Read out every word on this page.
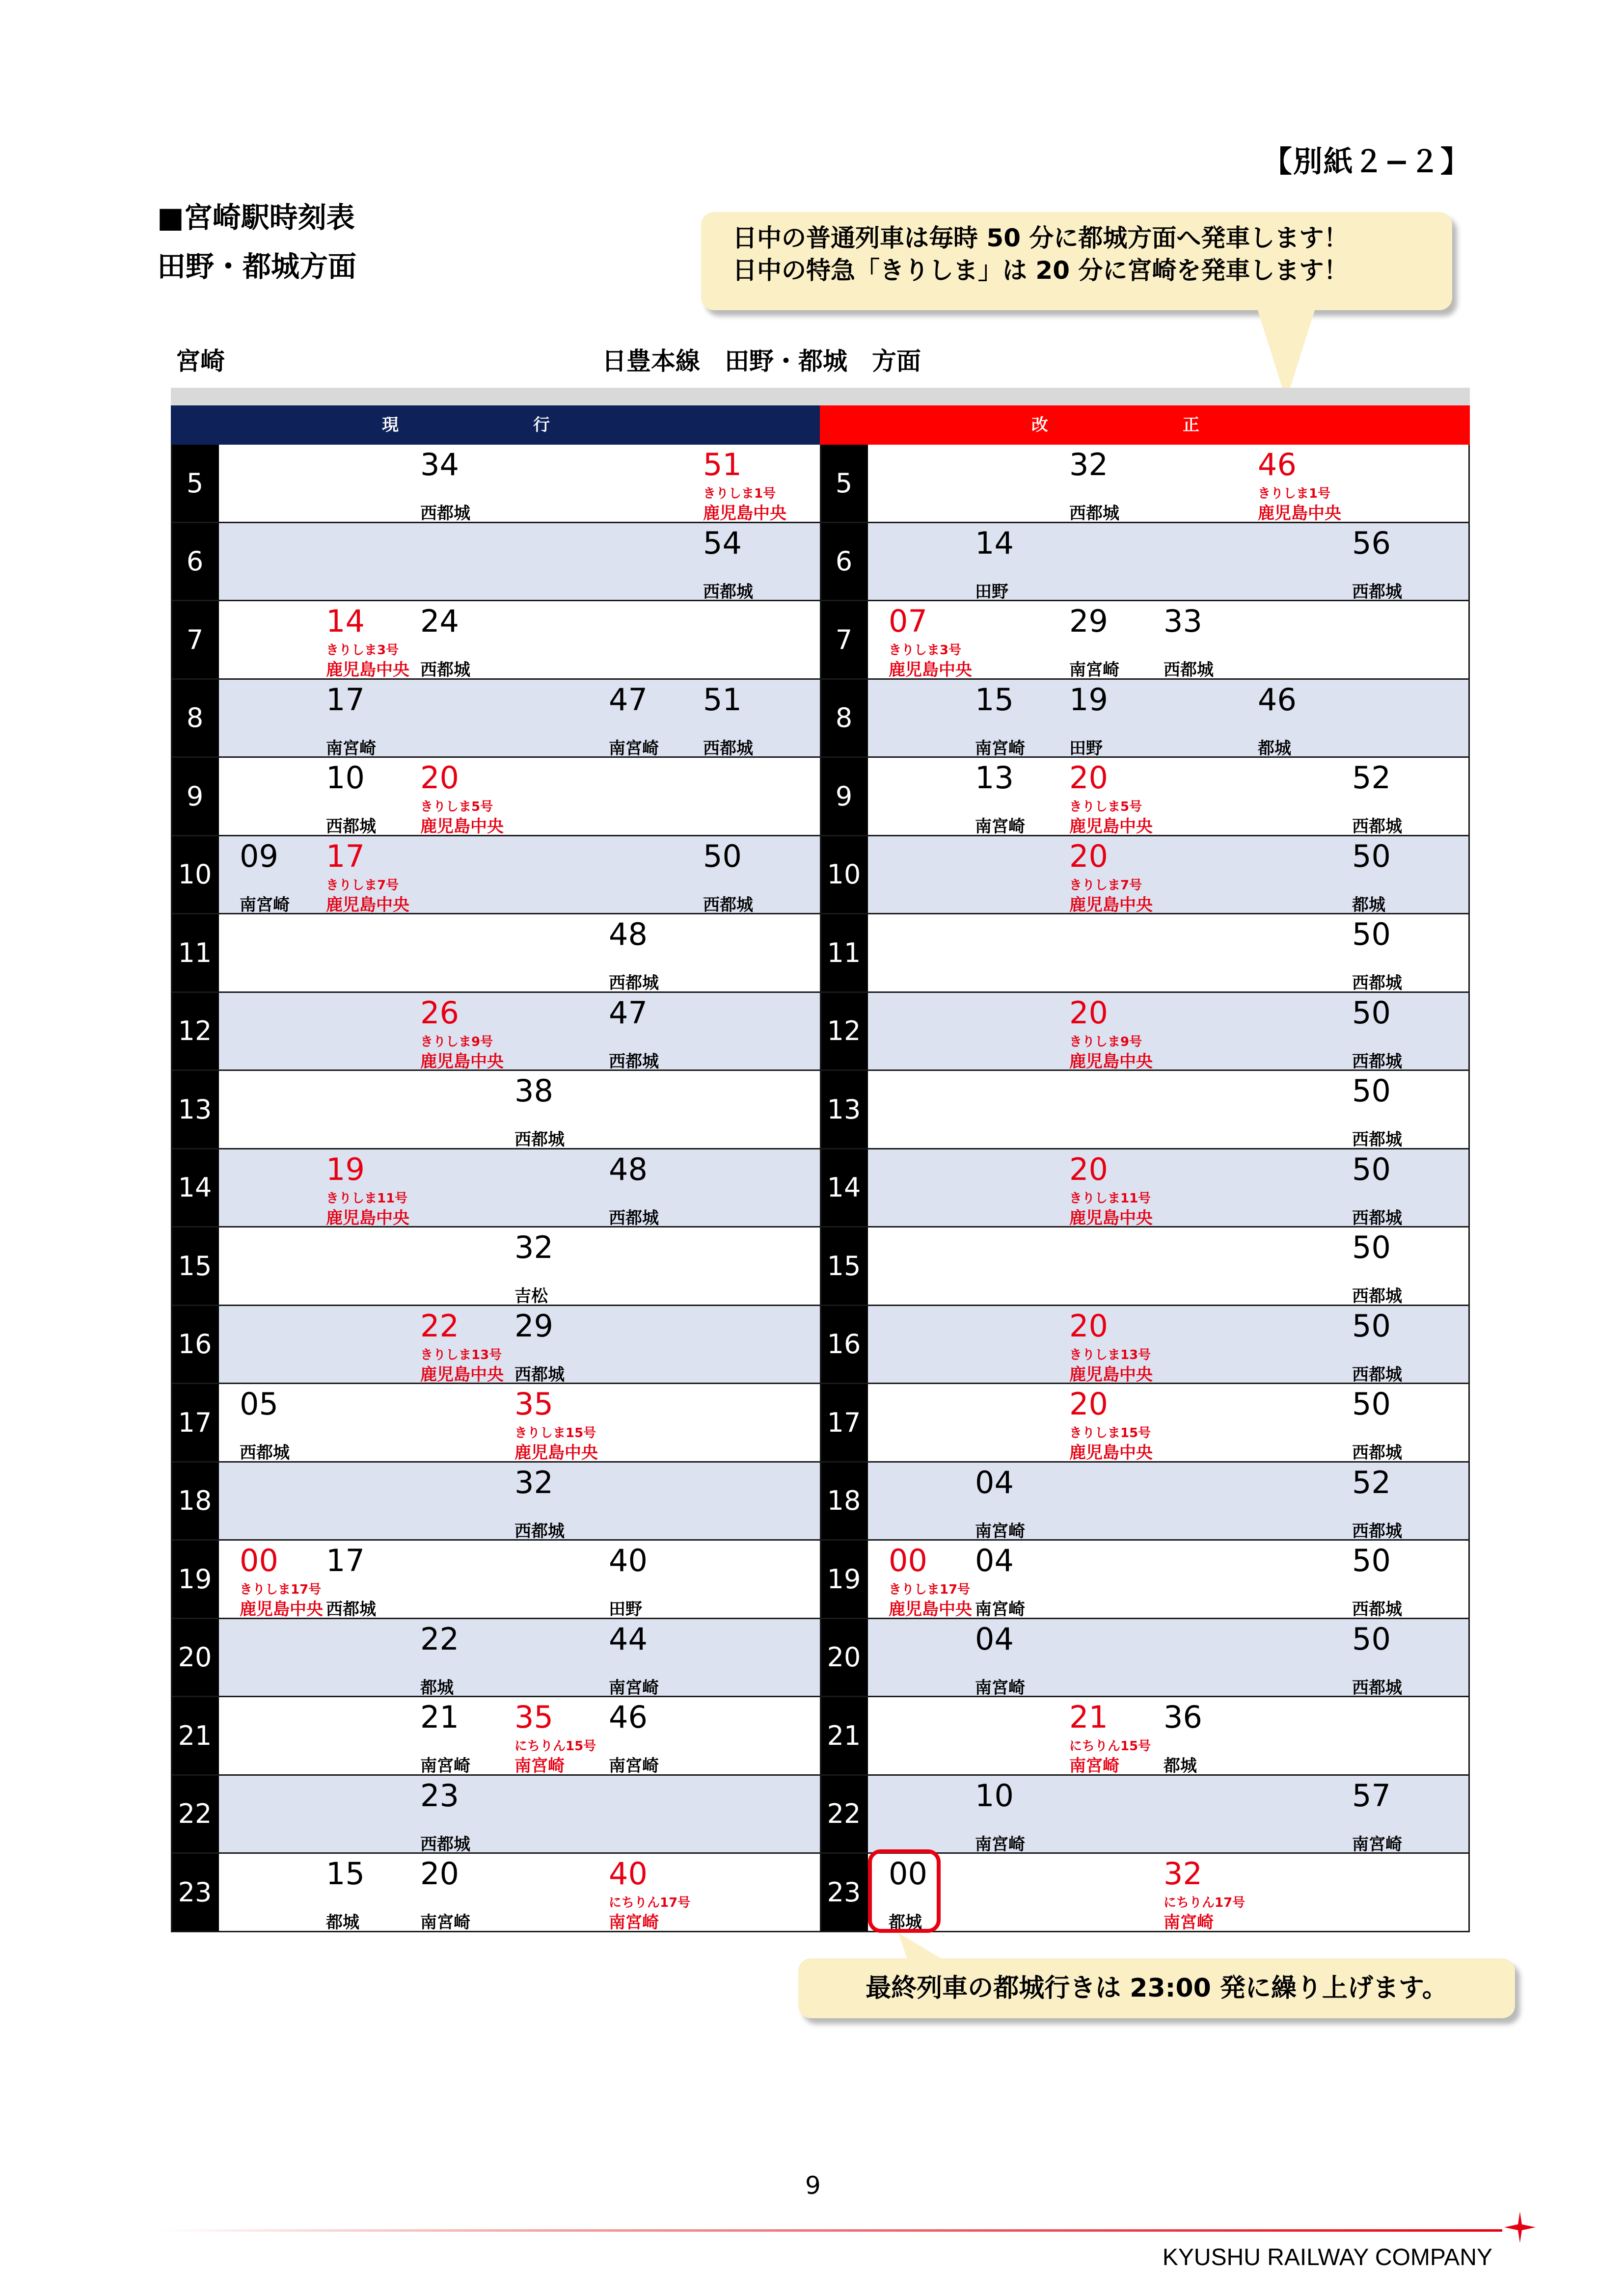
【別紙２−２】
■宮崎駅時刻表
田野・都城方面
日中の普通列車は毎時 50 分に都城方面へ発車します！
日中の特急「きりしま」は 20 分に宮崎を発車します！
宮崎	日豊本線　田野・都城　方面
現　行	改　正
5
34
西都城
51
きりしま1号
鹿児島中央
6
54
西都城
7
14
きりしま3号
鹿児島中央
24
西都城
8
17
南宮崎
47
南宮崎
51
西都城
9
10
西都城
20
きりしま5号
鹿児島中央
10
09
南宮崎
17
きりしま7号
鹿児島中央
50
西都城
11
48
西都城
12
26
きりしま9号
鹿児島中央
47
西都城
13
38
西都城
14
19
きりしま11号
鹿児島中央
48
西都城
15
32
吉松
16
22
きりしま13号
鹿児島中央
29
西都城
17
05
西都城
35
きりしま15号
鹿児島中央
18
32
西都城
19
00
きりしま17号
鹿児島中央
17
西都城
40
田野
20
22
都城
44
南宮崎
21
21
南宮崎
35
にちりん15号
南宮崎
46
南宮崎
22
23
西都城
23
15
都城
20
南宮崎
40
にちりん17号
南宮崎
5
32
西都城
46
きりしま1号
鹿児島中央
6
14
田野
56
西都城
7
07
きりしま3号
鹿児島中央
29
南宮崎
33
西都城
8
15
南宮崎
19
田野
46
都城
9
13
南宮崎
20
きりしま5号
鹿児島中央
52
西都城
10
20
きりしま7号
鹿児島中央
50
都城
11
50
西都城
12
20
きりしま9号
鹿児島中央
50
西都城
13
50
西都城
14
20
きりしま11号
鹿児島中央
50
西都城
15
50
西都城
16
20
きりしま13号
鹿児島中央
50
西都城
17
20
きりしま15号
鹿児島中央
50
西都城
18
04
南宮崎
52
西都城
19
00
きりしま17号
鹿児島中央
04
南宮崎
50
西都城
20
04
南宮崎
50
西都城
21
21
にちりん15号
南宮崎
36
都城
22
10
南宮崎
57
南宮崎
23
00
都城
32
にちりん17号
南宮崎
最終列車の都城行きは 23:00 発に繰り上げます。
9
KYUSHU RAILWAY COMPANY
